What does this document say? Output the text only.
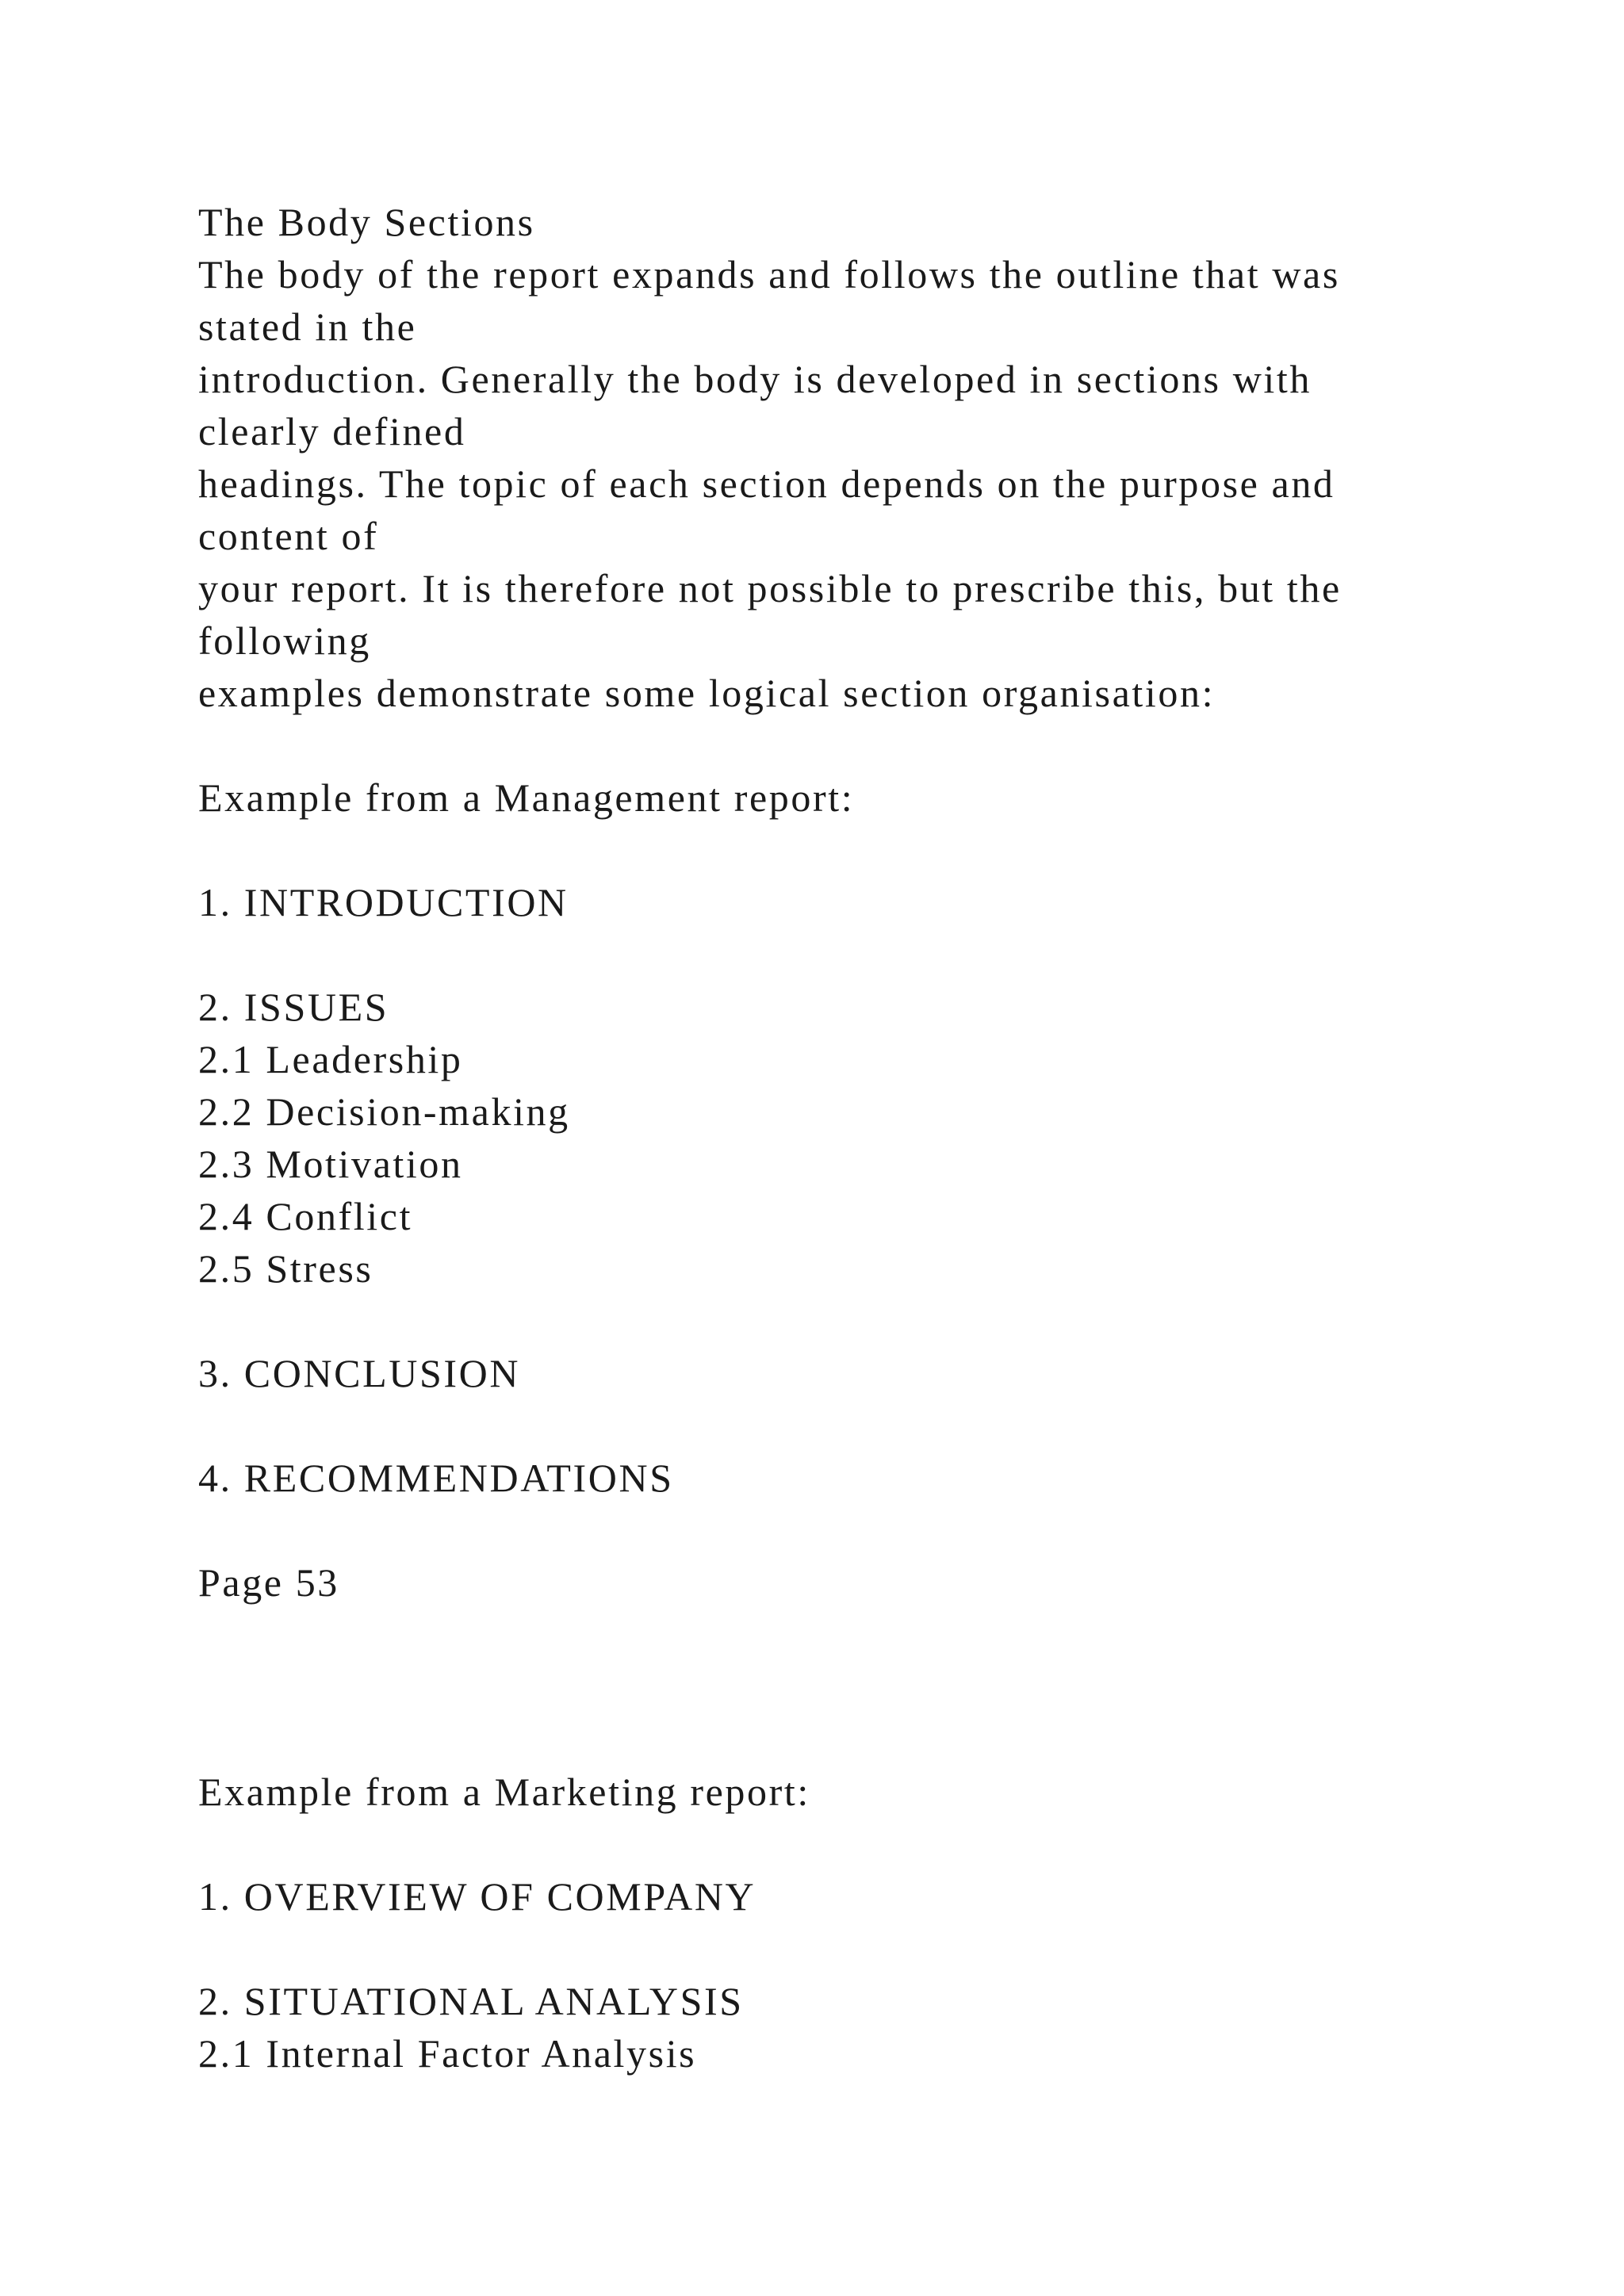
The Body Sections
The body of the report expands and follows the outline that was
stated in the
introduction. Generally the body is developed in sections with
clearly defined
headings. The topic of each section depends on the purpose and
content of
your report. It is therefore not possible to prescribe this, but the
following
examples demonstrate some logical section organisation:
Example from a Management report:
1. INTRODUCTION
2. ISSUES
2.1 Leadership
2.2 Decision-making
2.3 Motivation
2.4 Conflict
2.5 Stress
3. CONCLUSION
4. RECOMMENDATIONS
Page 53
Example from a Marketing report:
1. OVERVIEW OF COMPANY
2. SITUATIONAL ANALYSIS
2.1 Internal Factor Analysis
